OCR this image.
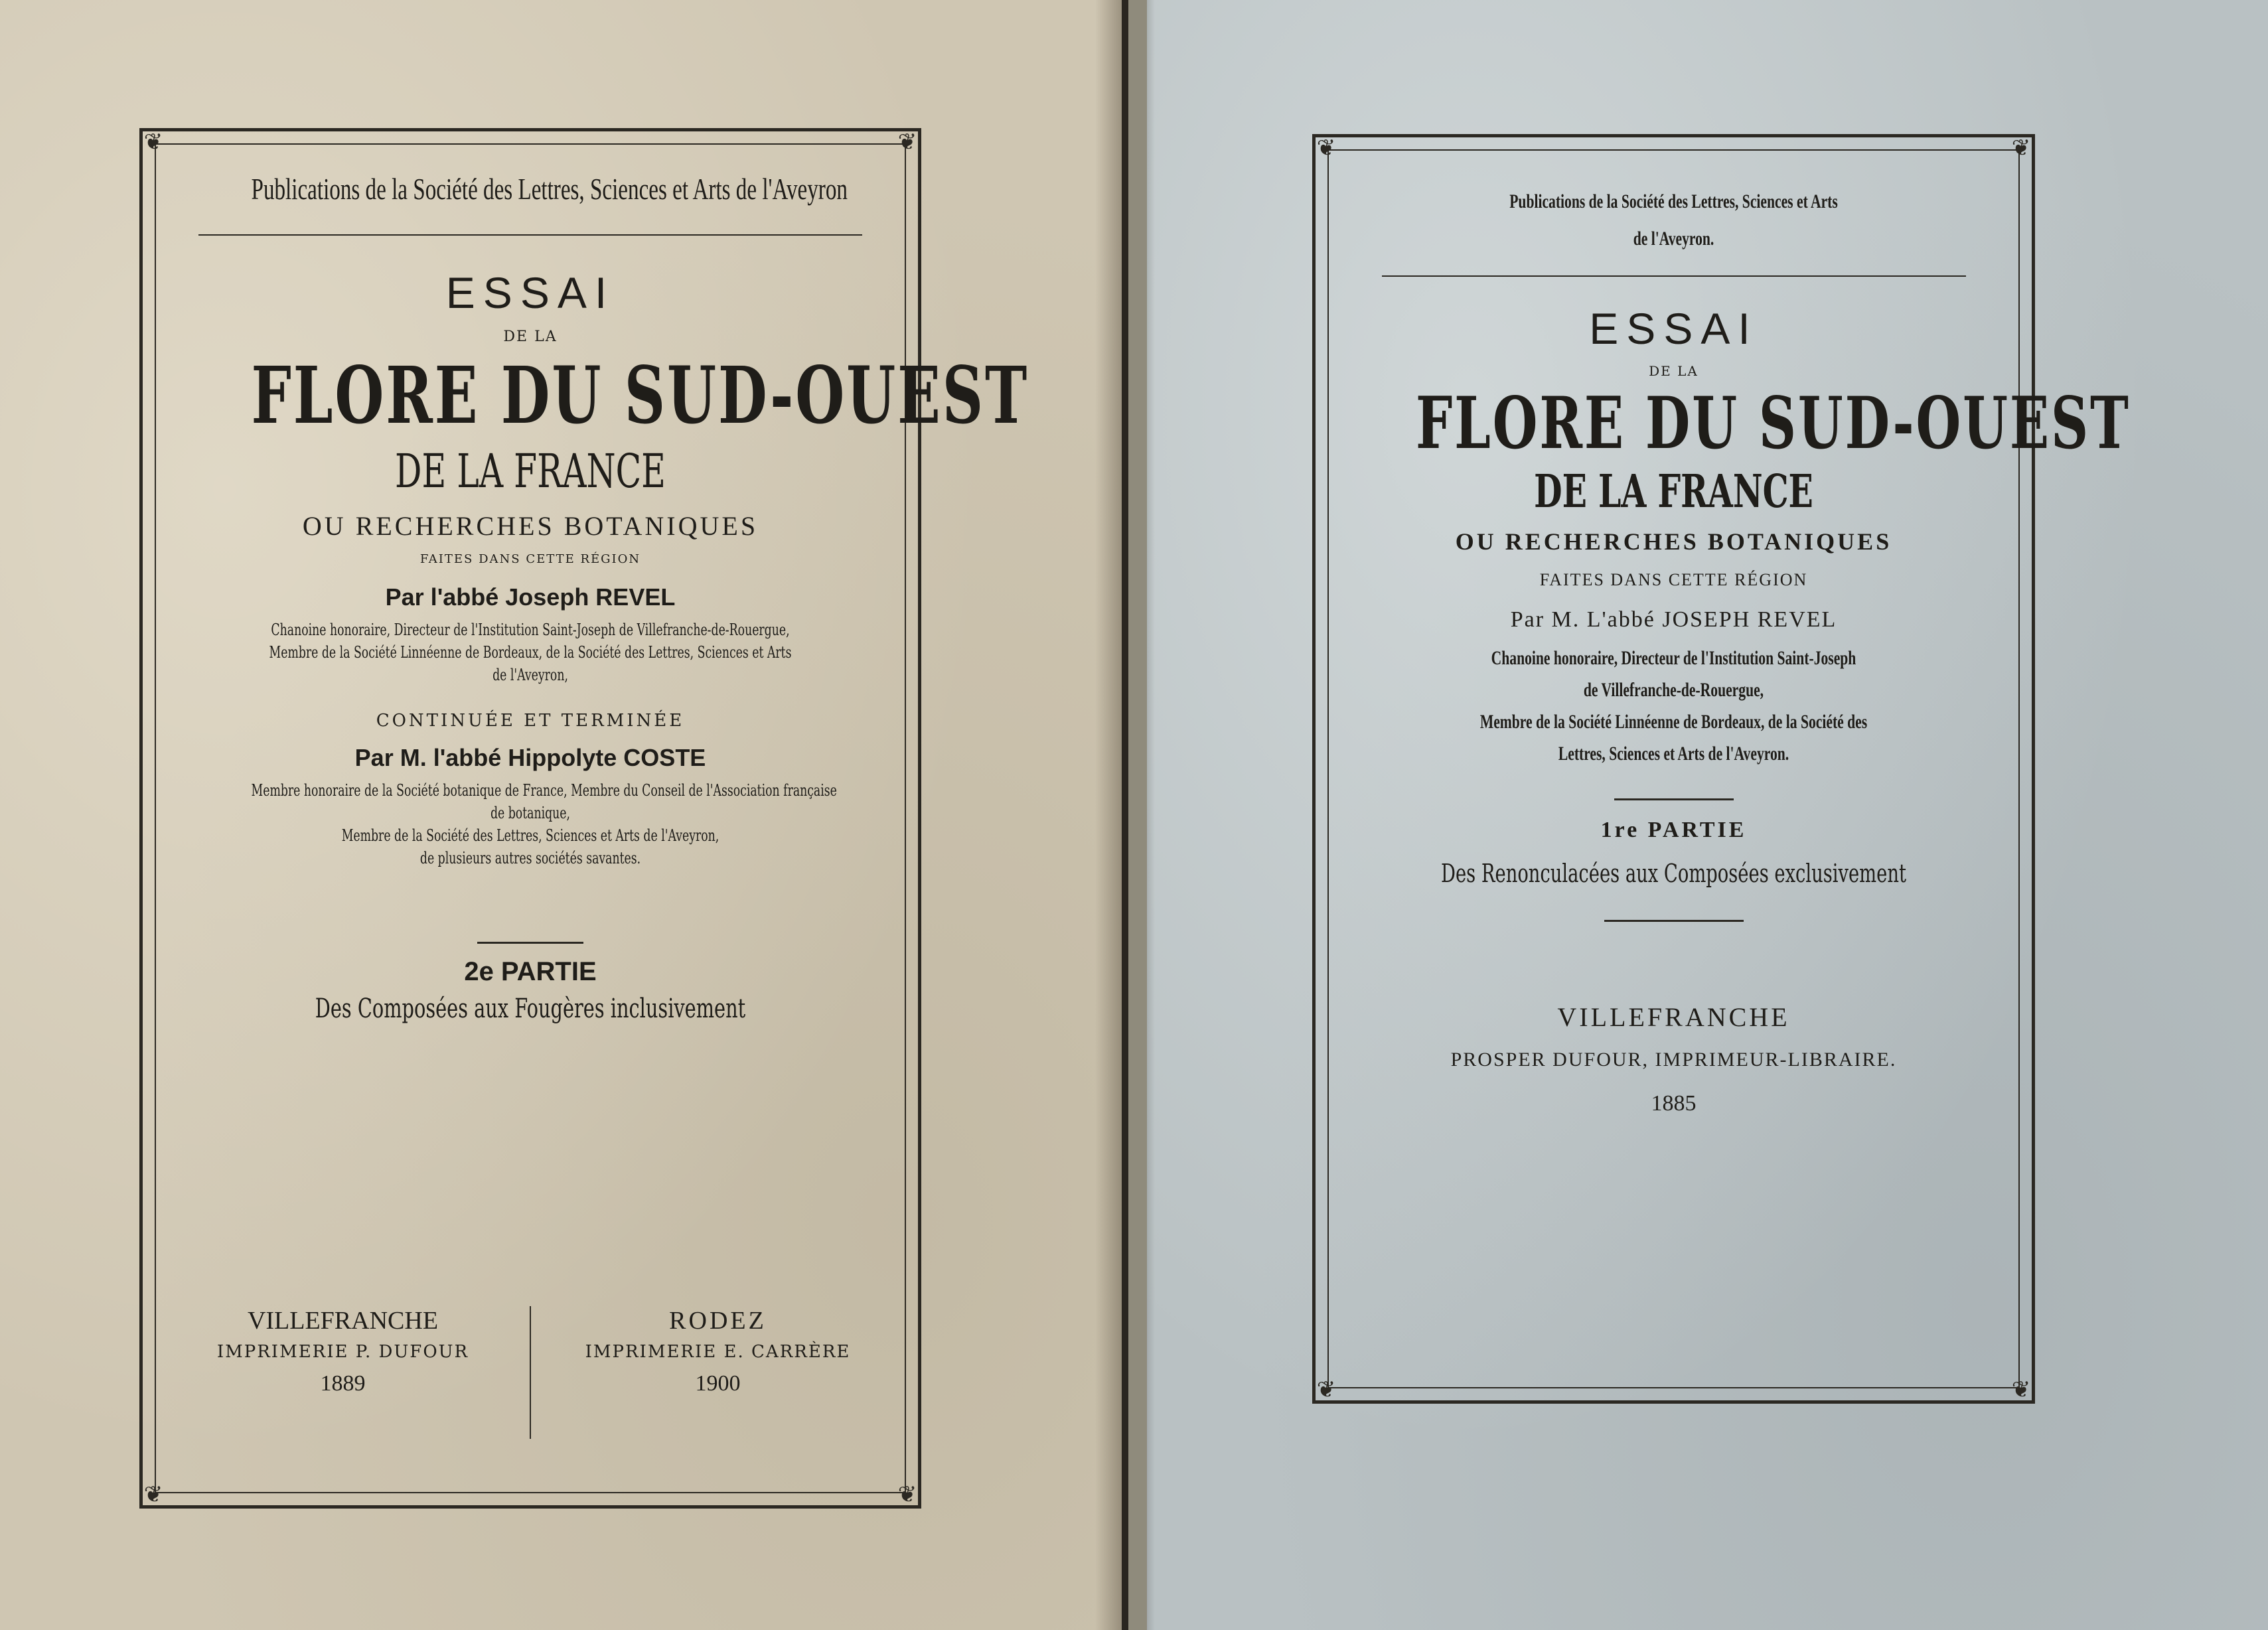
❦	❦
❦	❦
Publications de la Société des Lettres, Sciences et Arts de l'Aveyron
ESSAI
DE LA
FLORE DU SUD-OUEST
DE LA FRANCE
OU RECHERCHES BOTANIQUES
FAITES DANS CETTE RÉGION
Par l'abbé Joseph REVEL
Chanoine honoraire, Directeur de l'Institution Saint-Joseph de Villefranche-de-Rouergue,
Membre de la Société Linnéenne de Bordeaux, de la Société des Lettres, Sciences et Arts
de l'Aveyron,
CONTINUÉE ET TERMINÉE
Par M. l'abbé Hippolyte COSTE
Membre honoraire de la Société botanique de France, Membre du Conseil de l'Association française
de botanique,
Membre de la Société des Lettres, Sciences et Arts de l'Aveyron,
de plusieurs autres sociétés savantes.
2e PARTIE
Des Composées aux Fougères inclusivement
VILLEFRANCHE
IMPRIMERIE P. DUFOUR
1889
RODEZ
IMPRIMERIE E. CARRÈRE
1900
❦	❦
❦	❦
Publications de la Société des Lettres, Sciences et Arts
de l'Aveyron.
ESSAI
DE LA
FLORE DU SUD-OUEST
DE LA FRANCE
OU RECHERCHES BOTANIQUES
FAITES DANS CETTE RÉGION
Par M. L'abbé JOSEPH REVEL
Chanoine honoraire, Directeur de l'Institution Saint-Joseph
de Villefranche-de-Rouergue,
Membre de la Société Linnéenne de Bordeaux, de la Société des
Lettres, Sciences et Arts de l'Aveyron.
1re PARTIE
Des Renonculacées aux Composées exclusivement
VILLEFRANCHE
PROSPER DUFOUR, IMPRIMEUR-LIBRAIRE.
1885
